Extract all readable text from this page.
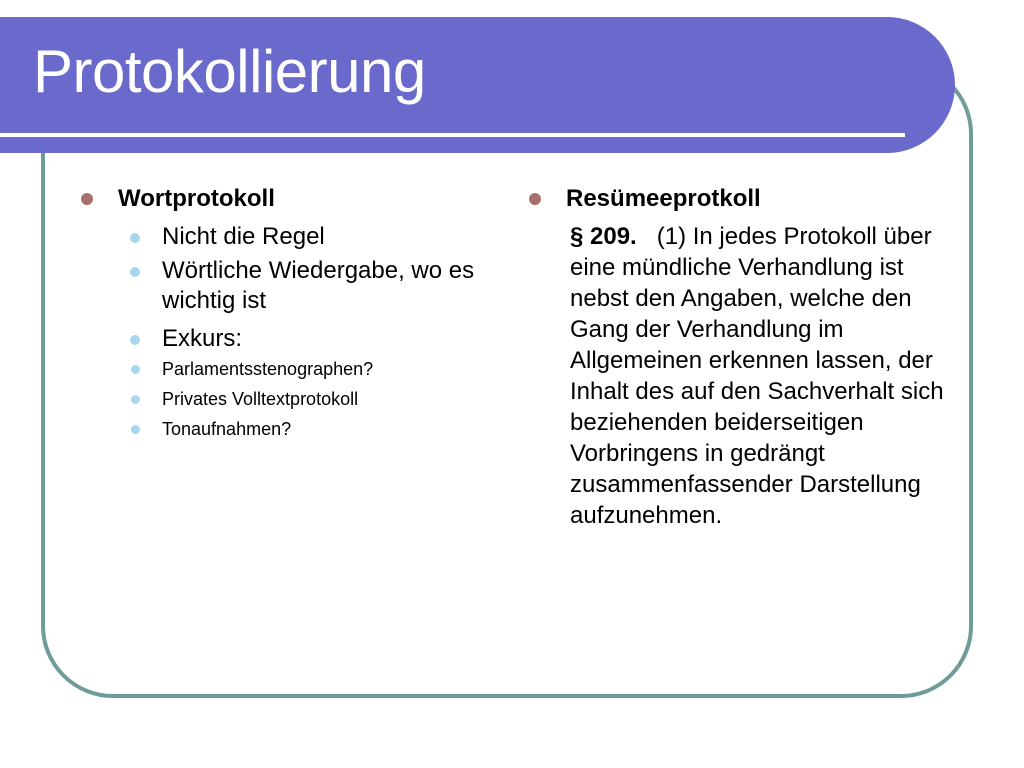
Protokollierung
Wortprotokoll
Nicht die Regel
Wörtliche Wiedergabe, wo es wichtig ist
Exkurs:
Parlamentsstenographen?
Privates Volltextprotokoll
Tonaufnahmen?
Resümeeprotkoll
§ 209. (1) In jedes Protokoll über eine mündliche Verhandlung ist nebst den Angaben, welche den Gang der Verhandlung im Allgemeinen erkennen lassen, der Inhalt des auf den Sachverhalt sich beziehenden beiderseitigen Vorbringens in gedrängt zusammenfassender Darstellung aufzunehmen.
